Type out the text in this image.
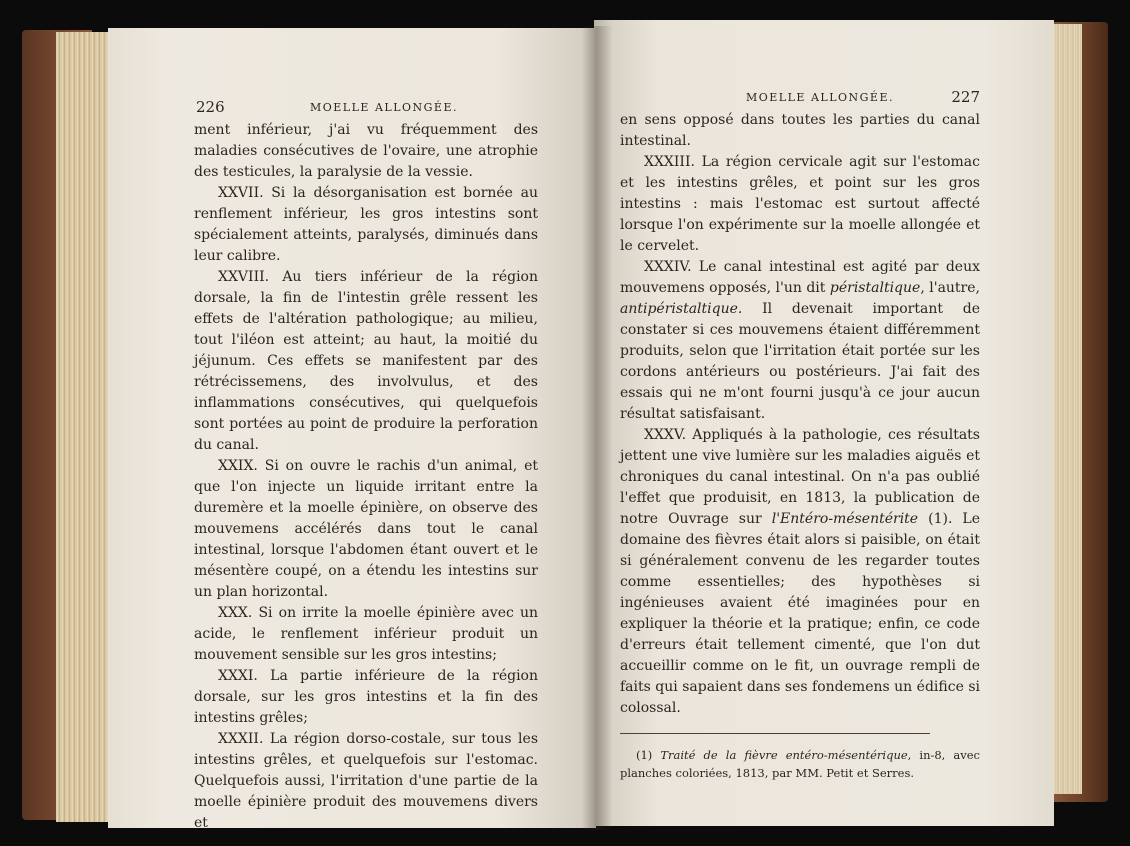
226	MOELLE ALLONGÉE.

ment inférieur, j'ai vu fréquemment des maladies consécutives de l'ovaire, une atrophie des testicules, la paralysie de la vessie.

XXVII. Si la désorganisation est bornée au renflement inférieur, les gros intestins sont spécialement atteints, paralysés, diminués dans leur calibre.

XXVIII. Au tiers inférieur de la région dorsale, la fin de l'intestin grêle ressent les effets de l'altération pathologique; au milieu, tout l'iléon est atteint; au haut, la moitié du jéjunum. Ces effets se manifestent par des rétrécissemens, des involvulus, et des inflammations consécutives, qui quelquefois sont portées au point de produire la perforation du canal.

XXIX. Si on ouvre le rachis d'un animal, et que l'on injecte un liquide irritant entre la duremère et la moelle épinière, on observe des mouvemens accélérés dans tout le canal intestinal, lorsque l'abdomen étant ouvert et le mésentère coupé, on a étendu les intestins sur un plan horizontal.

XXX. Si on irrite la moelle épinière avec un acide, le renflement inférieur produit un mouvement sensible sur les gros intestins;

XXXI. La partie inférieure de la région dorsale, sur les gros intestins et la fin des intestins grêles;

XXXII. La région dorso-costale, sur tous les intestins grêles, et quelquefois sur l'estomac. Quelquefois aussi, l'irritation d'une partie de la moelle épinière produit des mouvemens divers et

MOELLE ALLONGÉE.	227

en sens opposé dans toutes les parties du canal intestinal.

XXXIII. La région cervicale agit sur l'estomac et les intestins grêles, et point sur les gros intestins : mais l'estomac est surtout affecté lorsque l'on expérimente sur la moelle allongée et le cervelet.

XXXIV. Le canal intestinal est agité par deux mouvemens opposés, l'un dit péristaltique, l'autre, antipéristaltique. Il devenait important de constater si ces mouvemens étaient différemment produits, selon que l'irritation était portée sur les cordons antérieurs ou postérieurs. J'ai fait des essais qui ne m'ont fourni jusqu'à ce jour aucun résultat satisfaisant.

XXXV. Appliqués à la pathologie, ces résultats jettent une vive lumière sur les maladies aiguës et chroniques du canal intestinal. On n'a pas oublié l'effet que produisit, en 1813, la publication de notre Ouvrage sur l'Entéro-mésentérite (1). Le domaine des fièvres était alors si paisible, on était si généralement convenu de les regarder toutes comme essentielles; des hypothèses si ingénieuses avaient été imaginées pour en expliquer la théorie et la pratique; enfin, ce code d'erreurs était tellement cimenté, que l'on dut accueillir comme on le fit, un ouvrage rempli de faits qui sapaient dans ses fondemens un édifice si colossal.

(1) Traité de la fièvre entéro-mésentérique, in-8, avec planches coloriées, 1813, par MM. Petit et Serres.
